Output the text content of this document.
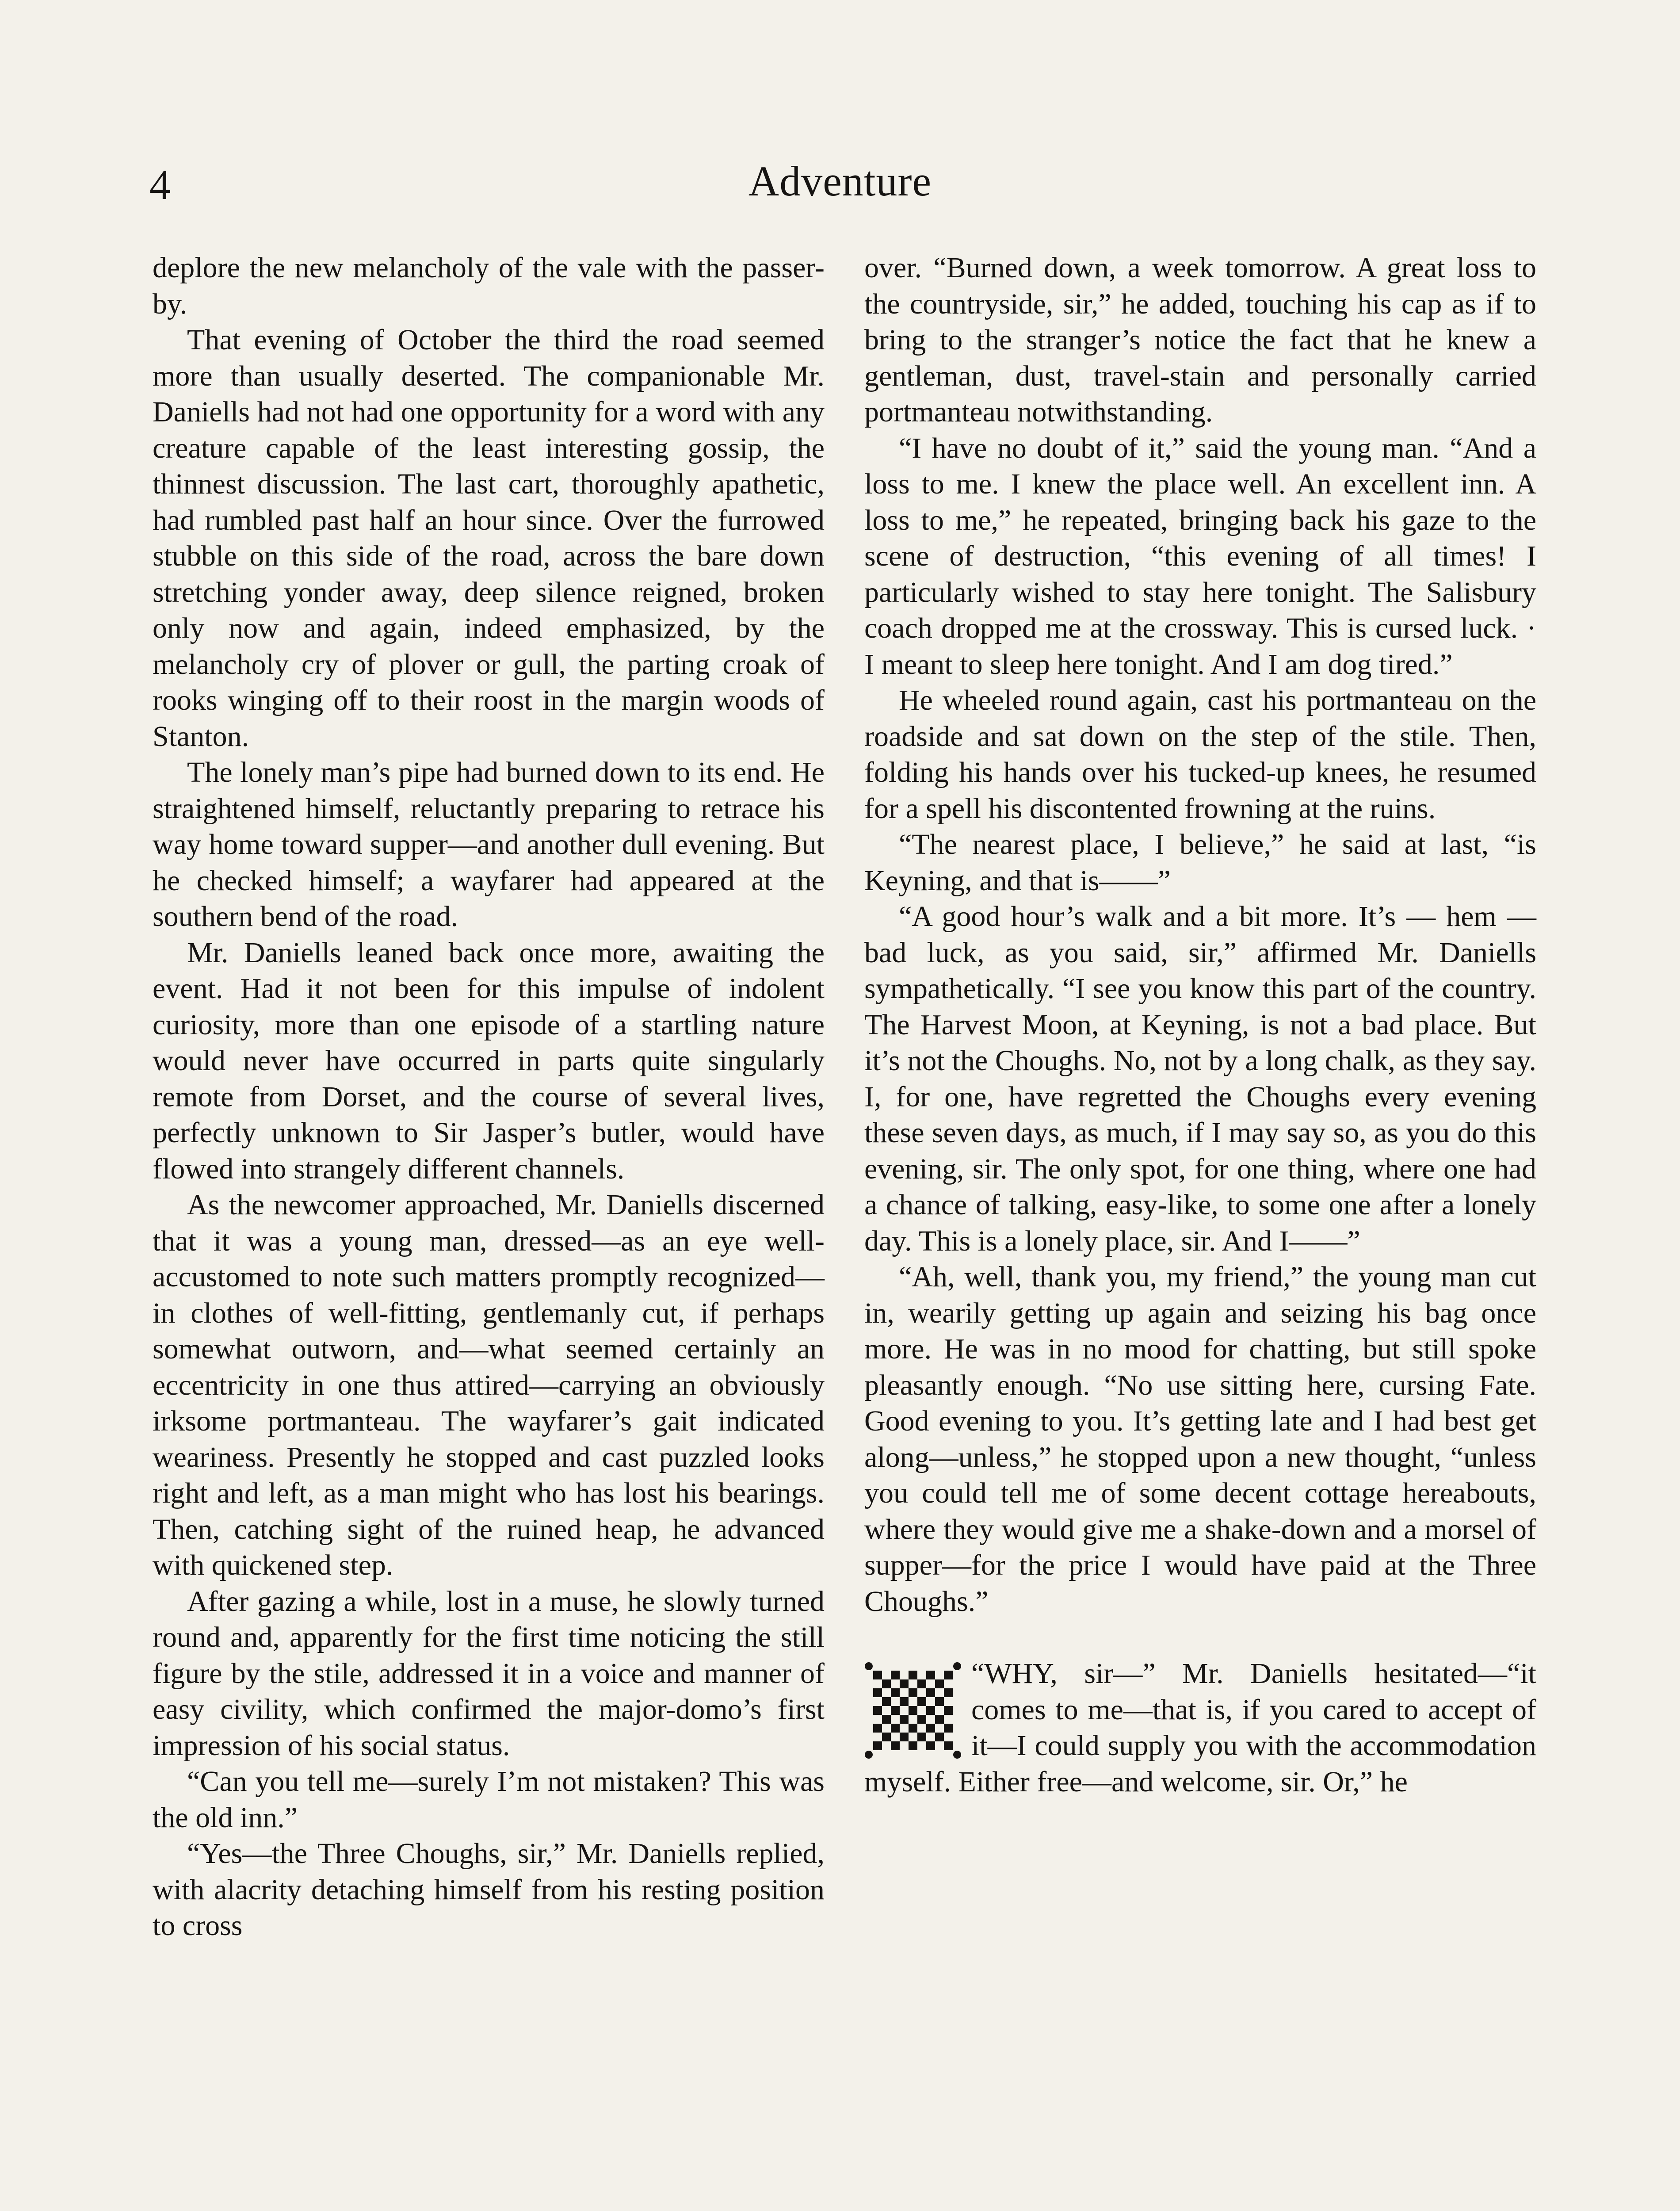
4	Adventure

deplore the new melancholy of the vale with the passer-by.

That evening of October the third the road seemed more than usually deserted. The companionable Mr. Daniells had not had one opportunity for a word with any creature capable of the least interesting gossip, the thinnest discussion. The last cart, thoroughly apathetic, had rumbled past half an hour since. Over the furrowed stubble on this side of the road, across the bare down stretching yonder away, deep silence reigned, broken only now and again, indeed emphasized, by the melancholy cry of plover or gull, the parting croak of rooks winging off to their roost in the margin woods of Stanton.

The lonely man’s pipe had burned down to its end. He straightened himself, reluctantly preparing to retrace his way home toward supper—and another dull evening. But he checked himself; a wayfarer had appeared at the southern bend of the road.

Mr. Daniells leaned back once more, awaiting the event. Had it not been for this impulse of indolent curiosity, more than one episode of a startling nature would never have occurred in parts quite singularly remote from Dorset, and the course of several lives, perfectly unknown to Sir Jasper’s butler, would have flowed into strangely different channels.

As the newcomer approached, Mr. Daniells discerned that it was a young man, dressed—as an eye well-accustomed to note such matters promptly recognized—in clothes of well-fitting, gentlemanly cut, if perhaps somewhat outworn, and—what seemed certainly an eccentricity in one thus attired—carrying an obviously irksome portmanteau. The wayfarer’s gait indicated weariness. Presently he stopped and cast puzzled looks right and left, as a man might who has lost his bearings. Then, catching sight of the ruined heap, he advanced with quickened step.

After gazing a while, lost in a muse, he slowly turned round and, apparently for the first time noticing the still figure by the stile, addressed it in a voice and manner of easy civility, which confirmed the major-domo’s first impression of his social status.

“Can you tell me—surely I’m not mistaken? This was the old inn.”

“Yes—the Three Choughs, sir,” Mr. Daniells replied, with alacrity detaching himself from his resting position to cross

over. “Burned down, a week tomorrow. A great loss to the countryside, sir,” he added, touching his cap as if to bring to the stranger’s notice the fact that he knew a gentleman, dust, travel-stain and personally carried portmanteau notwithstanding.

“I have no doubt of it,” said the young man. “And a loss to me. I knew the place well. An excellent inn. A loss to me,” he repeated, bringing back his gaze to the scene of destruction, “this evening of all times! I particularly wished to stay here tonight. The Salisbury coach dropped me at the crossway. This is cursed luck. · I meant to sleep here tonight. And I am dog tired.”

He wheeled round again, cast his portmanteau on the roadside and sat down on the step of the stile. Then, folding his hands over his tucked-up knees, he resumed for a spell his discontented frowning at the ruins.

“The nearest place, I believe,” he said at last, “is Keyning, and that is——”

“A good hour’s walk and a bit more. It’s — hem — bad luck, as you said, sir,” affirmed Mr. Daniells sympathetically. “I see you know this part of the country. The Harvest Moon, at Keyning, is not a bad place. But it’s not the Choughs. No, not by a long chalk, as they say. I, for one, have regretted the Choughs every evening these seven days, as much, if I may say so, as you do this evening, sir. The only spot, for one thing, where one had a chance of talking, easy-like, to some one after a lonely day. This is a lonely place, sir. And I——”

“Ah, well, thank you, my friend,” the young man cut in, wearily getting up again and seizing his bag once more. He was in no mood for chatting, but still spoke pleasantly enough. “No use sitting here, cursing Fate. Good evening to you. It’s getting late and I had best get along—unless,” he stopped upon a new thought, “unless you could tell me of some decent cottage hereabouts, where they would give me a shake-down and a morsel of supper—for the price I would have paid at the Three Choughs.”

“WHY, sir—” Mr. Daniells hesitated—“it comes to me—that is, if you cared to accept of it—I could supply you with the accommodation myself. Either free—and welcome, sir. Or,” he
